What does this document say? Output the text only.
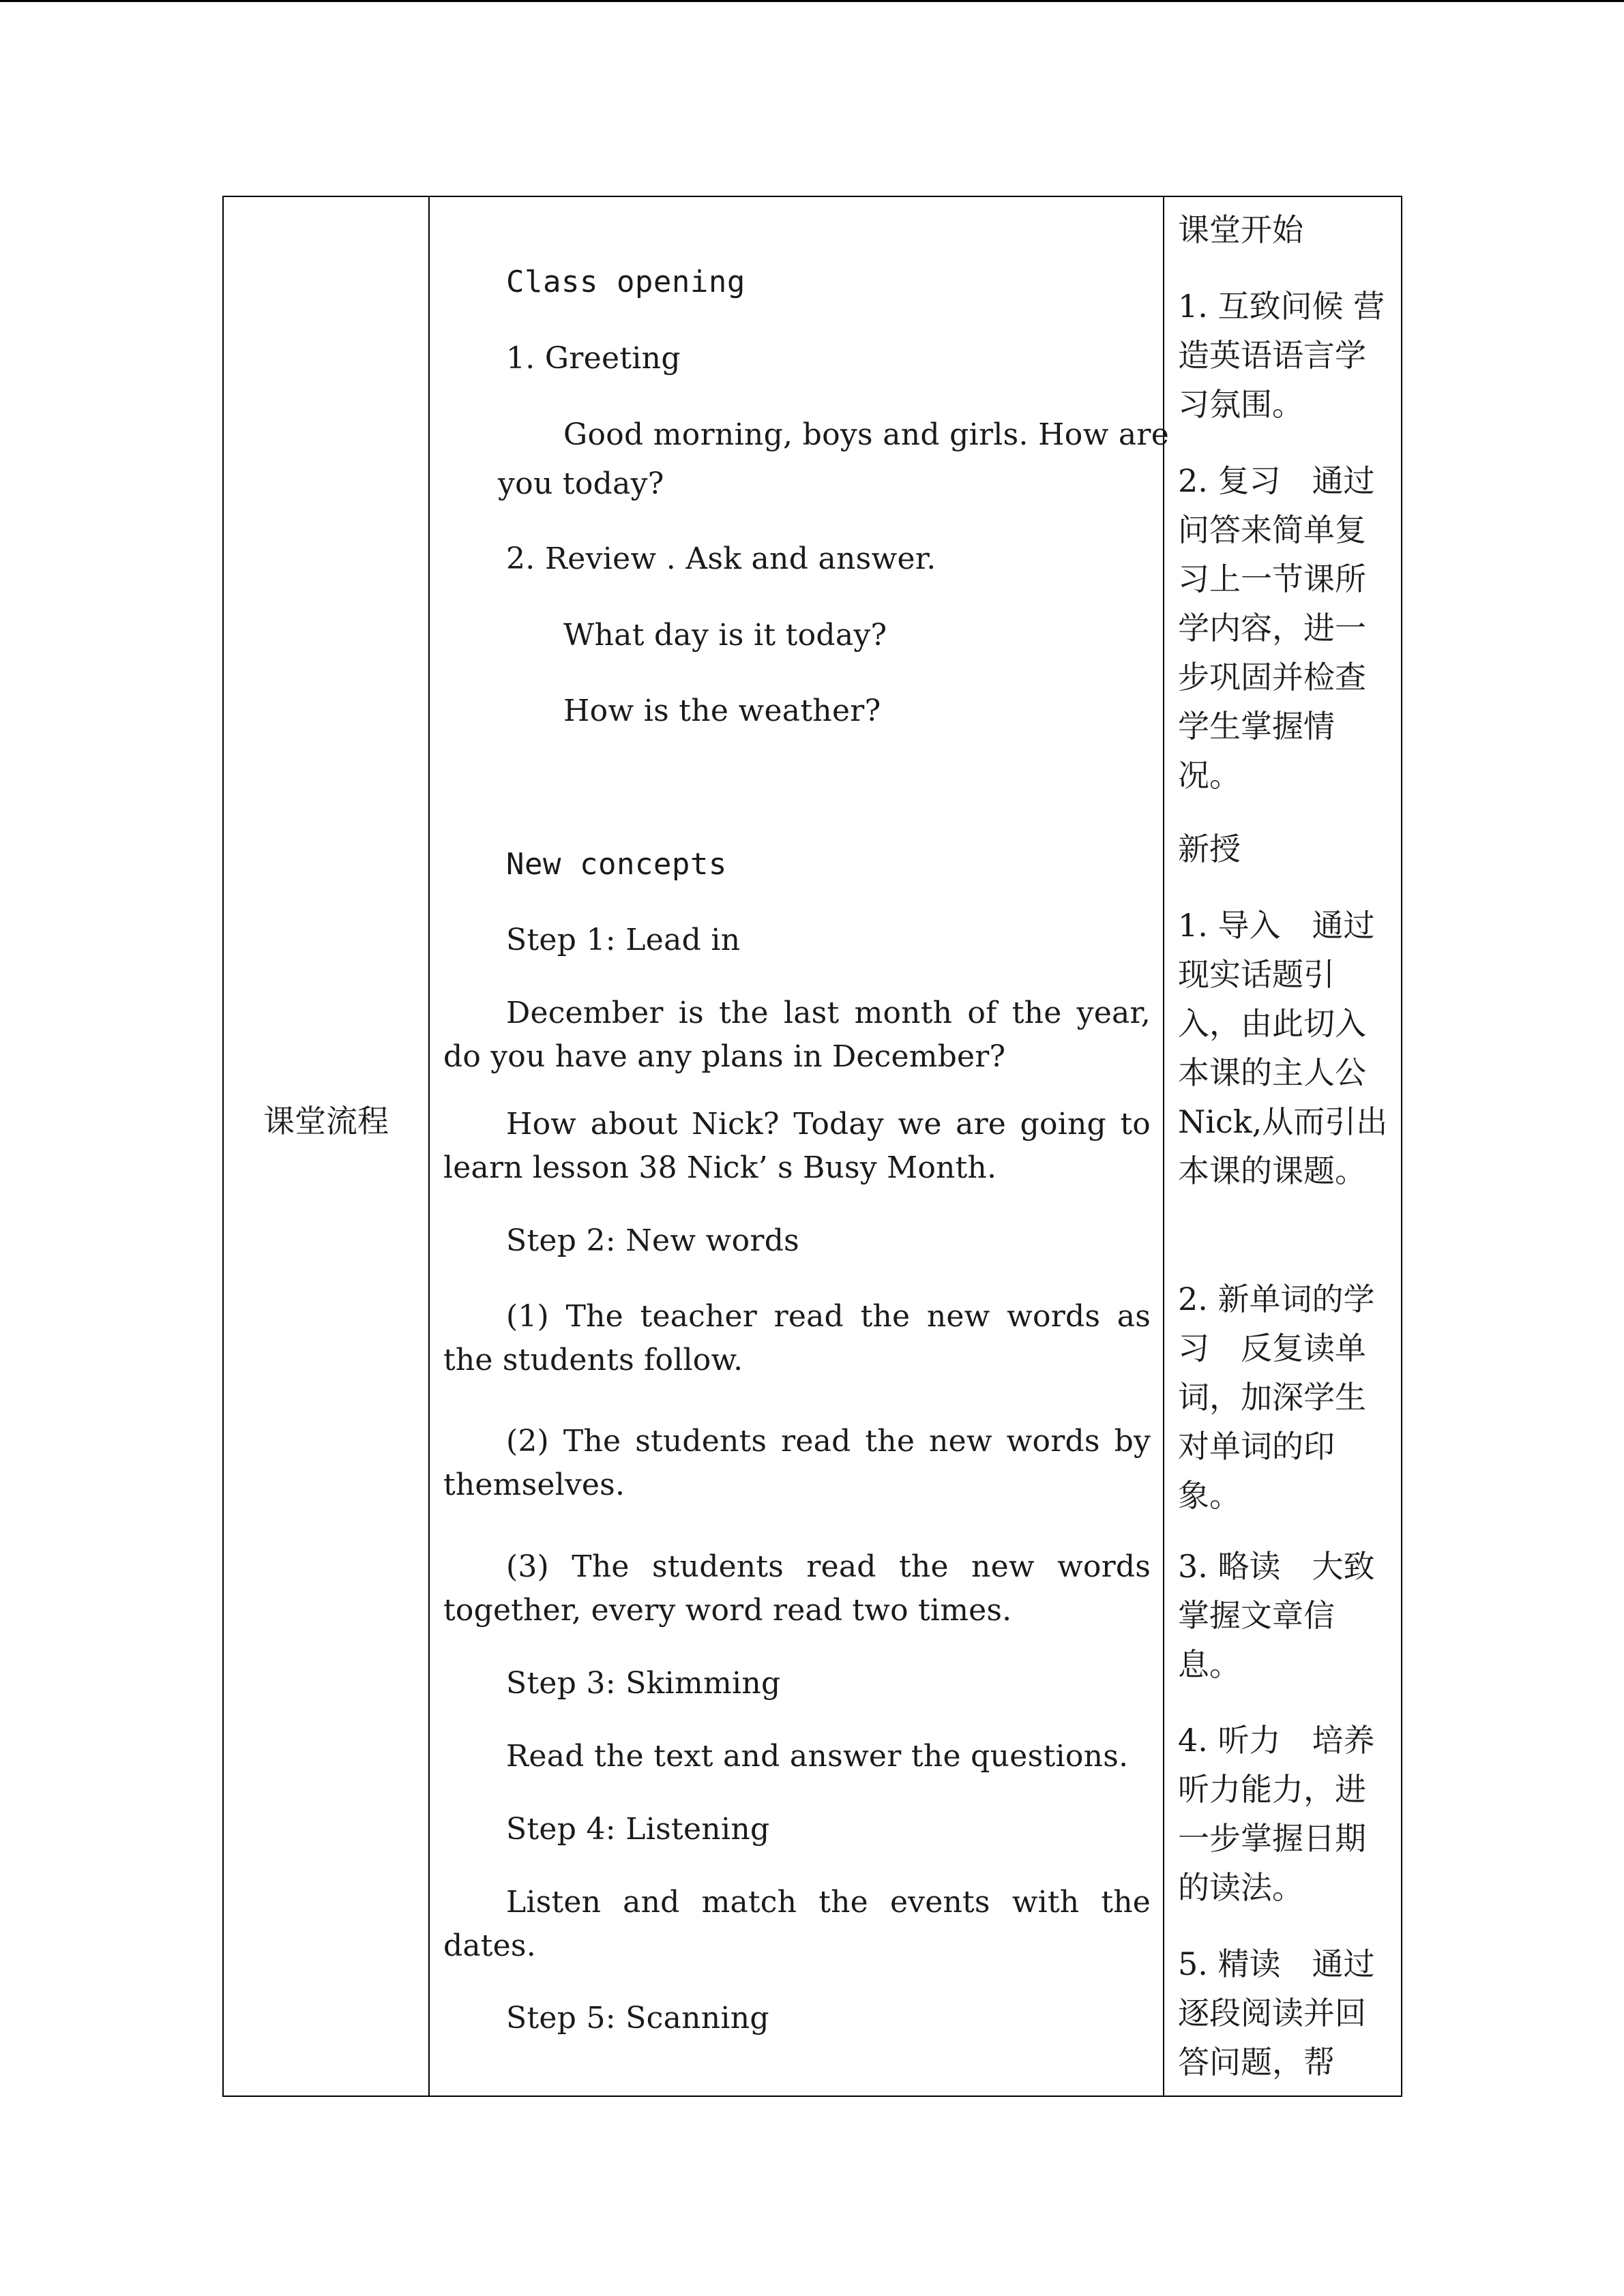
课堂流程
Class opening
1. Greeting
Good morning, boys and girls. How are
you today?
2. Review . Ask and answer.
What day is it today?
How is the weather?
New concepts
Step 1: Lead in
December is the last month of the year, do you have any plans in December?
How about Nick? Today we are going to learn lesson 38 Nick’ s Busy Month.
Step 2: New words
(1) The teacher read the new words as the students follow.
(2) The students read the new words by themselves.
(3) The students read the new words together, every word read two times.
Step 3: Skimming
Read the text and answer the questions.
Step 4: Listening
Listen and match the events with the dates.
Step 5: Scanning
课堂开始
1. 互致问候 营造英语语言学习氛围。
2. 复习　通过问答来简单复习上一节课所学内容，进一步巩固并检查学生掌握情况。
新授
1. 导入　通过现实话题引入，由此切入本课的主人公Nick,从而引出本课的课题。
2. 新单词的学习　反复读单词，加深学生对单词的印象。
3. 略读　大致掌握文章信息。
4. 听力　培养听力能力，进一步掌握日期的读法。
5. 精读　通过逐段阅读并回答问题，帮
